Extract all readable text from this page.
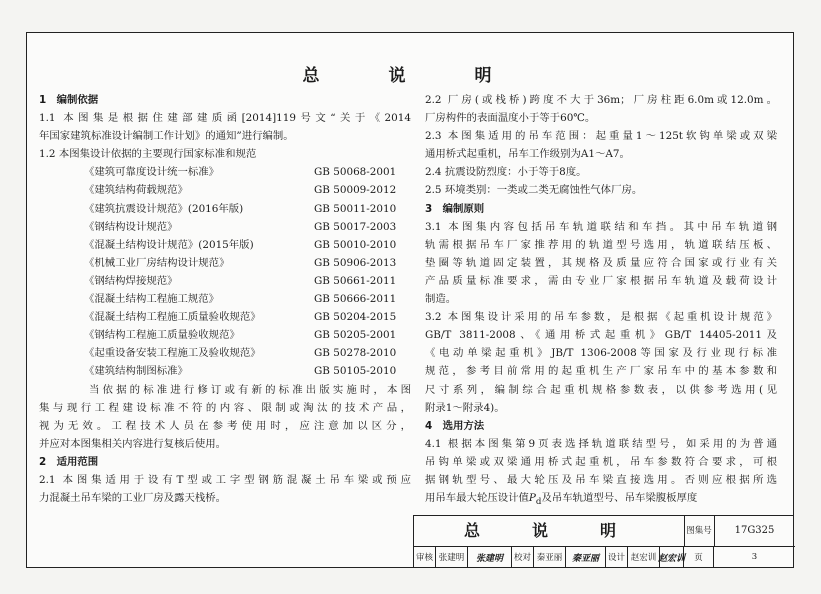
总　说　明
1　编制依据
1.1 本图集是根据住建部建质函[2014]119号文“关于《2014
年国家建筑标准设计编制工作计划》的通知”进行编制。
1.2 本图集设计依据的主要现行国家标准和规范
《建筑可靠度设计统一标准》	GB 50068-2001
《建筑结构荷载规范》	GB 50009-2012
《建筑抗震设计规范》(2016年版)	GB 50011-2010
《钢结构设计规范》	GB 50017-2003
《混凝土结构设计规范》(2015年版)	GB 50010-2010
《机械工业厂房结构设计规范》	GB 50906-2013
《钢结构焊接规范》	GB 50661-2011
《混凝土结构工程施工规范》	GB 50666-2011
《混凝土结构工程施工质量验收规范》	GB 50204-2015
《钢结构工程施工质量验收规范》	GB 50205-2001
《起重设备安装工程施工及验收规范》	GB 50278-2010
《建筑结构制图标准》	GB 50105-2010
当依据的标准进行修订或有新的标准出版实施时，本图
集与现行工程建设标准不符的内容、限制或淘汰的技术产品，
视为无效。工程技术人员在参考使用时，应注意加以区分，
并应对本图集相关内容进行复核后使用。
2　适用范围
2.1 本图集适用于设有T型或工字型钢筋混凝土吊车梁或预应
力混凝土吊车梁的工业厂房及露天栈桥。
2.2 厂房(或栈桥)跨度不大于36m；厂房柱距6.0m或12.0m。
厂房构件的表面温度小于等于60℃。
2.3 本图集适用的吊车范围：起重量1～125t软钩单梁或双梁
通用桥式起重机，吊车工作级别为A1～A7。
2.4 抗震设防烈度：小于等于8度。
2.5 环境类别：一类或二类无腐蚀性气体厂房。
3　编制原则
3.1 本图集内容包括吊车轨道联结和车挡。其中吊车轨道钢
轨需根据吊车厂家推荐用的轨道型号选用，轨道联结压板、
垫圈等轨道固定装置，其规格及质量应符合国家或行业有关
产品质量标准要求，需由专业厂家根据吊车轨道及载荷设计
制造。
3.2 本图集设计采用的吊车参数，是根据《起重机设计规范》
GB/T 3811-2008、《通用桥式起重机》GB/T 14405-2011及
《电动单梁起重机》JB/T 1306-2008等国家及行业现行标准
规范，参考目前常用的起重机生产厂家吊车中的基本参数和
尺寸系列，编制综合起重机规格参数表，以供参考选用(见
附录1～附录4)。
4　选用方法
4.1 根据本图集第9页表选择轨道联结型号，如采用的为普通
吊钩单梁或双梁通用桥式起重机，吊车参数符合要求，可根
据钢轨型号、最大轮压及吊车梁直接选用。否则应根据所选
用吊车最大轮压设计值$P_d$及吊车轨道型号、吊车梁腹板厚度
总　说　明	图集号	17G325
审核 张建明	张建明	校对 秦亚丽	秦亚丽	设计 赵宏训 赵宏训	页	3
